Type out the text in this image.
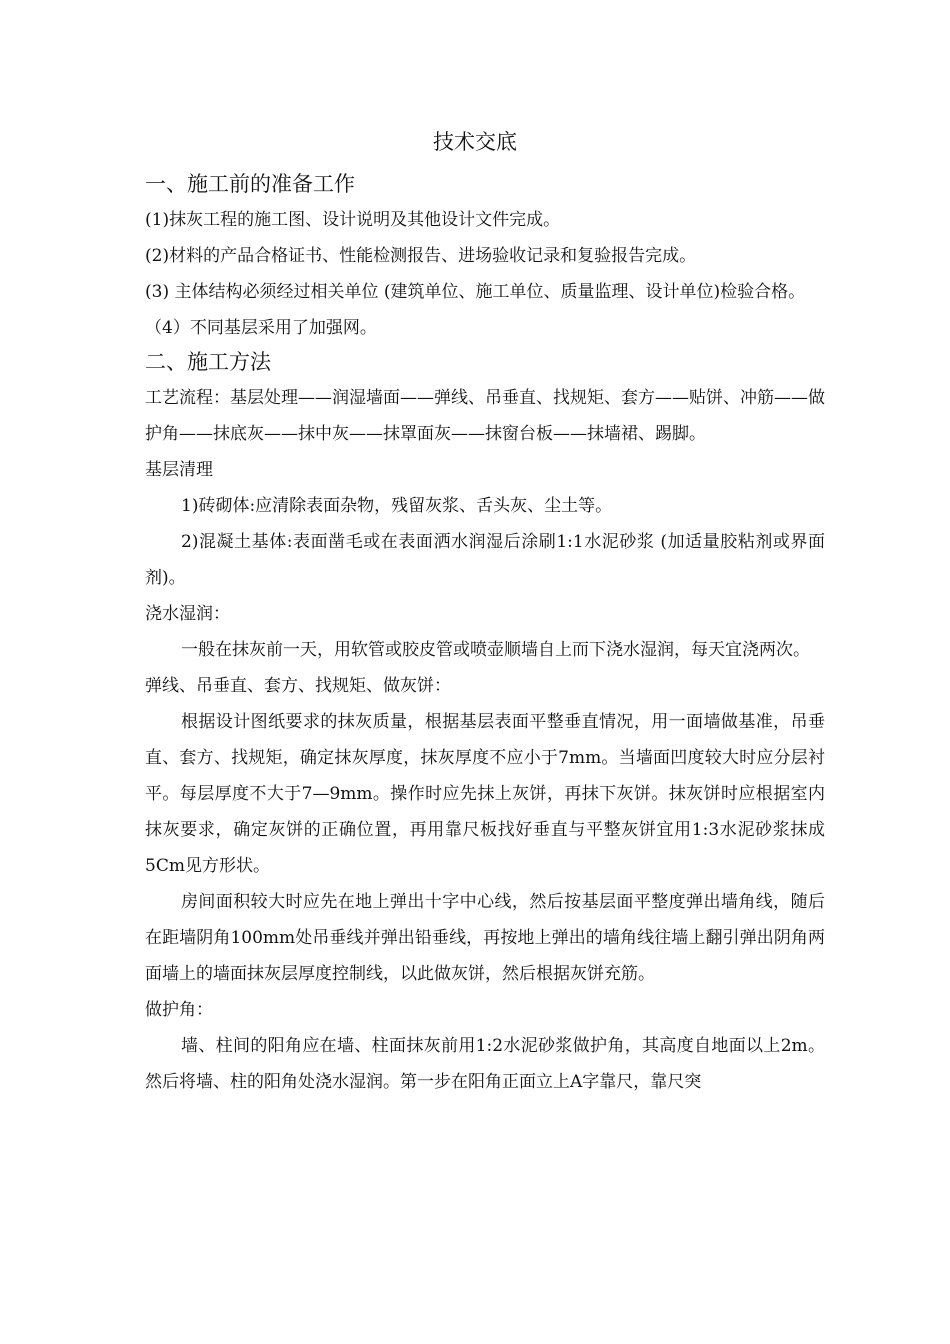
技术交底
一、施工前的准备工作

(1)抹灰工程的施工图、设计说明及其他设计文件完成。

(2)材料的产品合格证书、性能检测报告、进场验收记录和复验报告完成。

(3) 主体结构必须经过相关单位 (建筑单位、施工单位、质量监理、设计单位)检验合格。

（4）不同基层采用了加强网。

二、施工方法

工艺流程：基层处理——润湿墙面——弹线、吊垂直、找规矩、套方——贴饼、冲筋——做护角——抹底灰——抹中灰——抹罩面灰——抹窗台板——抹墙裙、踢脚。

基层清理

1)砖砌体:应清除表面杂物，残留灰浆、舌头灰、尘土等。

2)混凝土基体:表面凿毛或在表面洒水润湿后涂刷1:1水泥砂浆 (加适量胶粘剂或界面剂)。

浇水湿润：

一般在抹灰前一天，用软管或胶皮管或喷壶顺墙自上而下浇水湿润，每天宜浇两次。

弹线、吊垂直、套方、找规矩、做灰饼：

根据设计图纸要求的抹灰质量，根据基层表面平整垂直情况，用一面墙做基准，吊垂直、套方、找规矩，确定抹灰厚度，抹灰厚度不应小于7mm。当墙面凹度较大时应分层衬平。每层厚度不大于7—9mm。操作时应先抹上灰饼，再抹下灰饼。抹灰饼时应根据室内抹灰要求，确定灰饼的正确位置，再用靠尺板找好垂直与平整灰饼宜用1:3水泥砂浆抹成5Cm见方形状。

房间面积较大时应先在地上弹出十字中心线，然后按基层面平整度弹出墙角线，随后在距墙阴角100mm处吊垂线并弹出铅垂线，再按地上弹出的墙角线往墙上翻引弹出阴角两面墙上的墙面抹灰层厚度控制线，以此做灰饼，然后根据灰饼充筋。

做护角：

墙、柱间的阳角应在墙、柱面抹灰前用1:2水泥砂浆做护角，其高度自地面以上2m。然后将墙、柱的阳角处浇水湿润。第一步在阳角正面立上A字靠尺，靠尺突
